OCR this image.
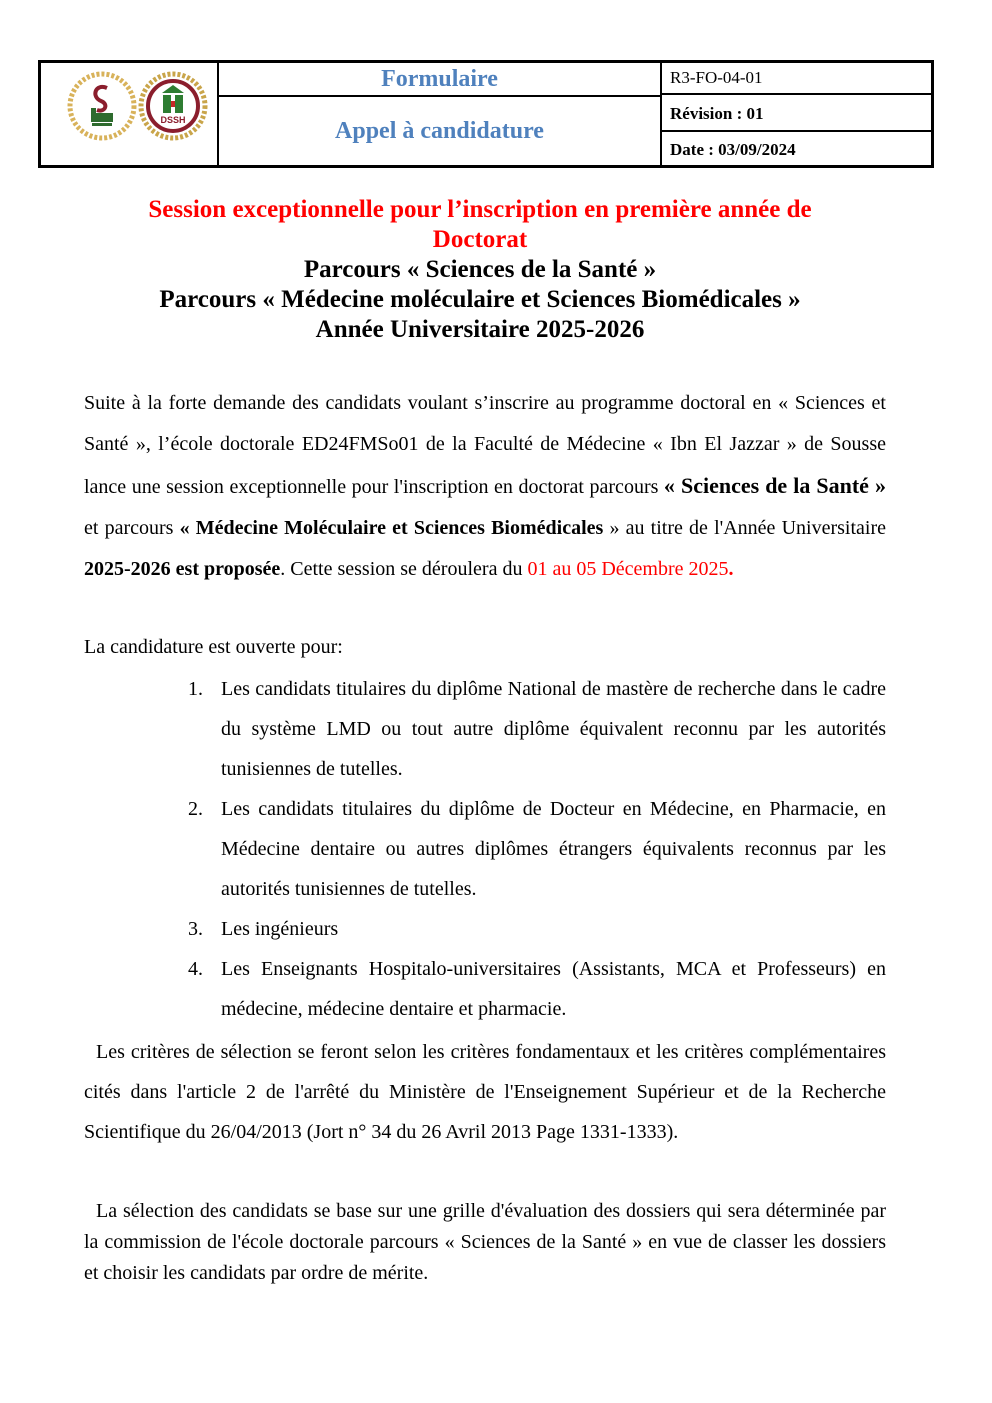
DSSH
Formulaire
Appel à candidature
R3-FO-04-01
Révision : 01
Date : 03/09/2024
Session exceptionnelle pour l’inscription en première année de
Doctorat
Parcours « Sciences de la Santé »
Parcours « Médecine moléculaire et Sciences Biomédicales »
Année Universitaire 2025-2026
Suite à la forte demande des candidats voulant s’inscrire au programme doctoral en « Sciences et Santé », l’école doctorale ED24FMSo01 de la Faculté de Médecine « Ibn El Jazzar » de Sousse lance une session exceptionnelle pour l'inscription en doctorat parcours « Sciences de la Santé » et parcours « Médecine Moléculaire et Sciences Biomédicales » au titre de l'Année Universitaire 2025-2026 est proposée. Cette session se déroulera du 01 au 05 Décembre 2025.
La candidature est ouverte pour:
1. Les candidats titulaires du diplôme National de mastère de recherche dans le cadre du système LMD ou tout autre diplôme équivalent reconnu par les autorités tunisiennes de tutelles.
2. Les candidats titulaires du diplôme de Docteur en Médecine, en Pharmacie, en Médecine dentaire ou autres diplômes étrangers équivalents reconnus par les autorités tunisiennes de tutelles.
3. Les ingénieurs
4. Les Enseignants Hospitalo-universitaires (Assistants, MCA et Professeurs) en médecine, médecine dentaire et pharmacie.
Les critères de sélection se feront selon les critères fondamentaux et les critères complémentaires cités dans l'article 2 de l'arrêté du Ministère de l'Enseignement Supérieur et de la Recherche Scientifique du 26/04/2013 (Jort n° 34 du 26 Avril 2013 Page 1331-1333).
La sélection des candidats se base sur une grille d'évaluation des dossiers qui sera déterminée par la commission de l'école doctorale parcours « Sciences de la Santé » en vue de classer les dossiers et choisir les candidats par ordre de mérite.
